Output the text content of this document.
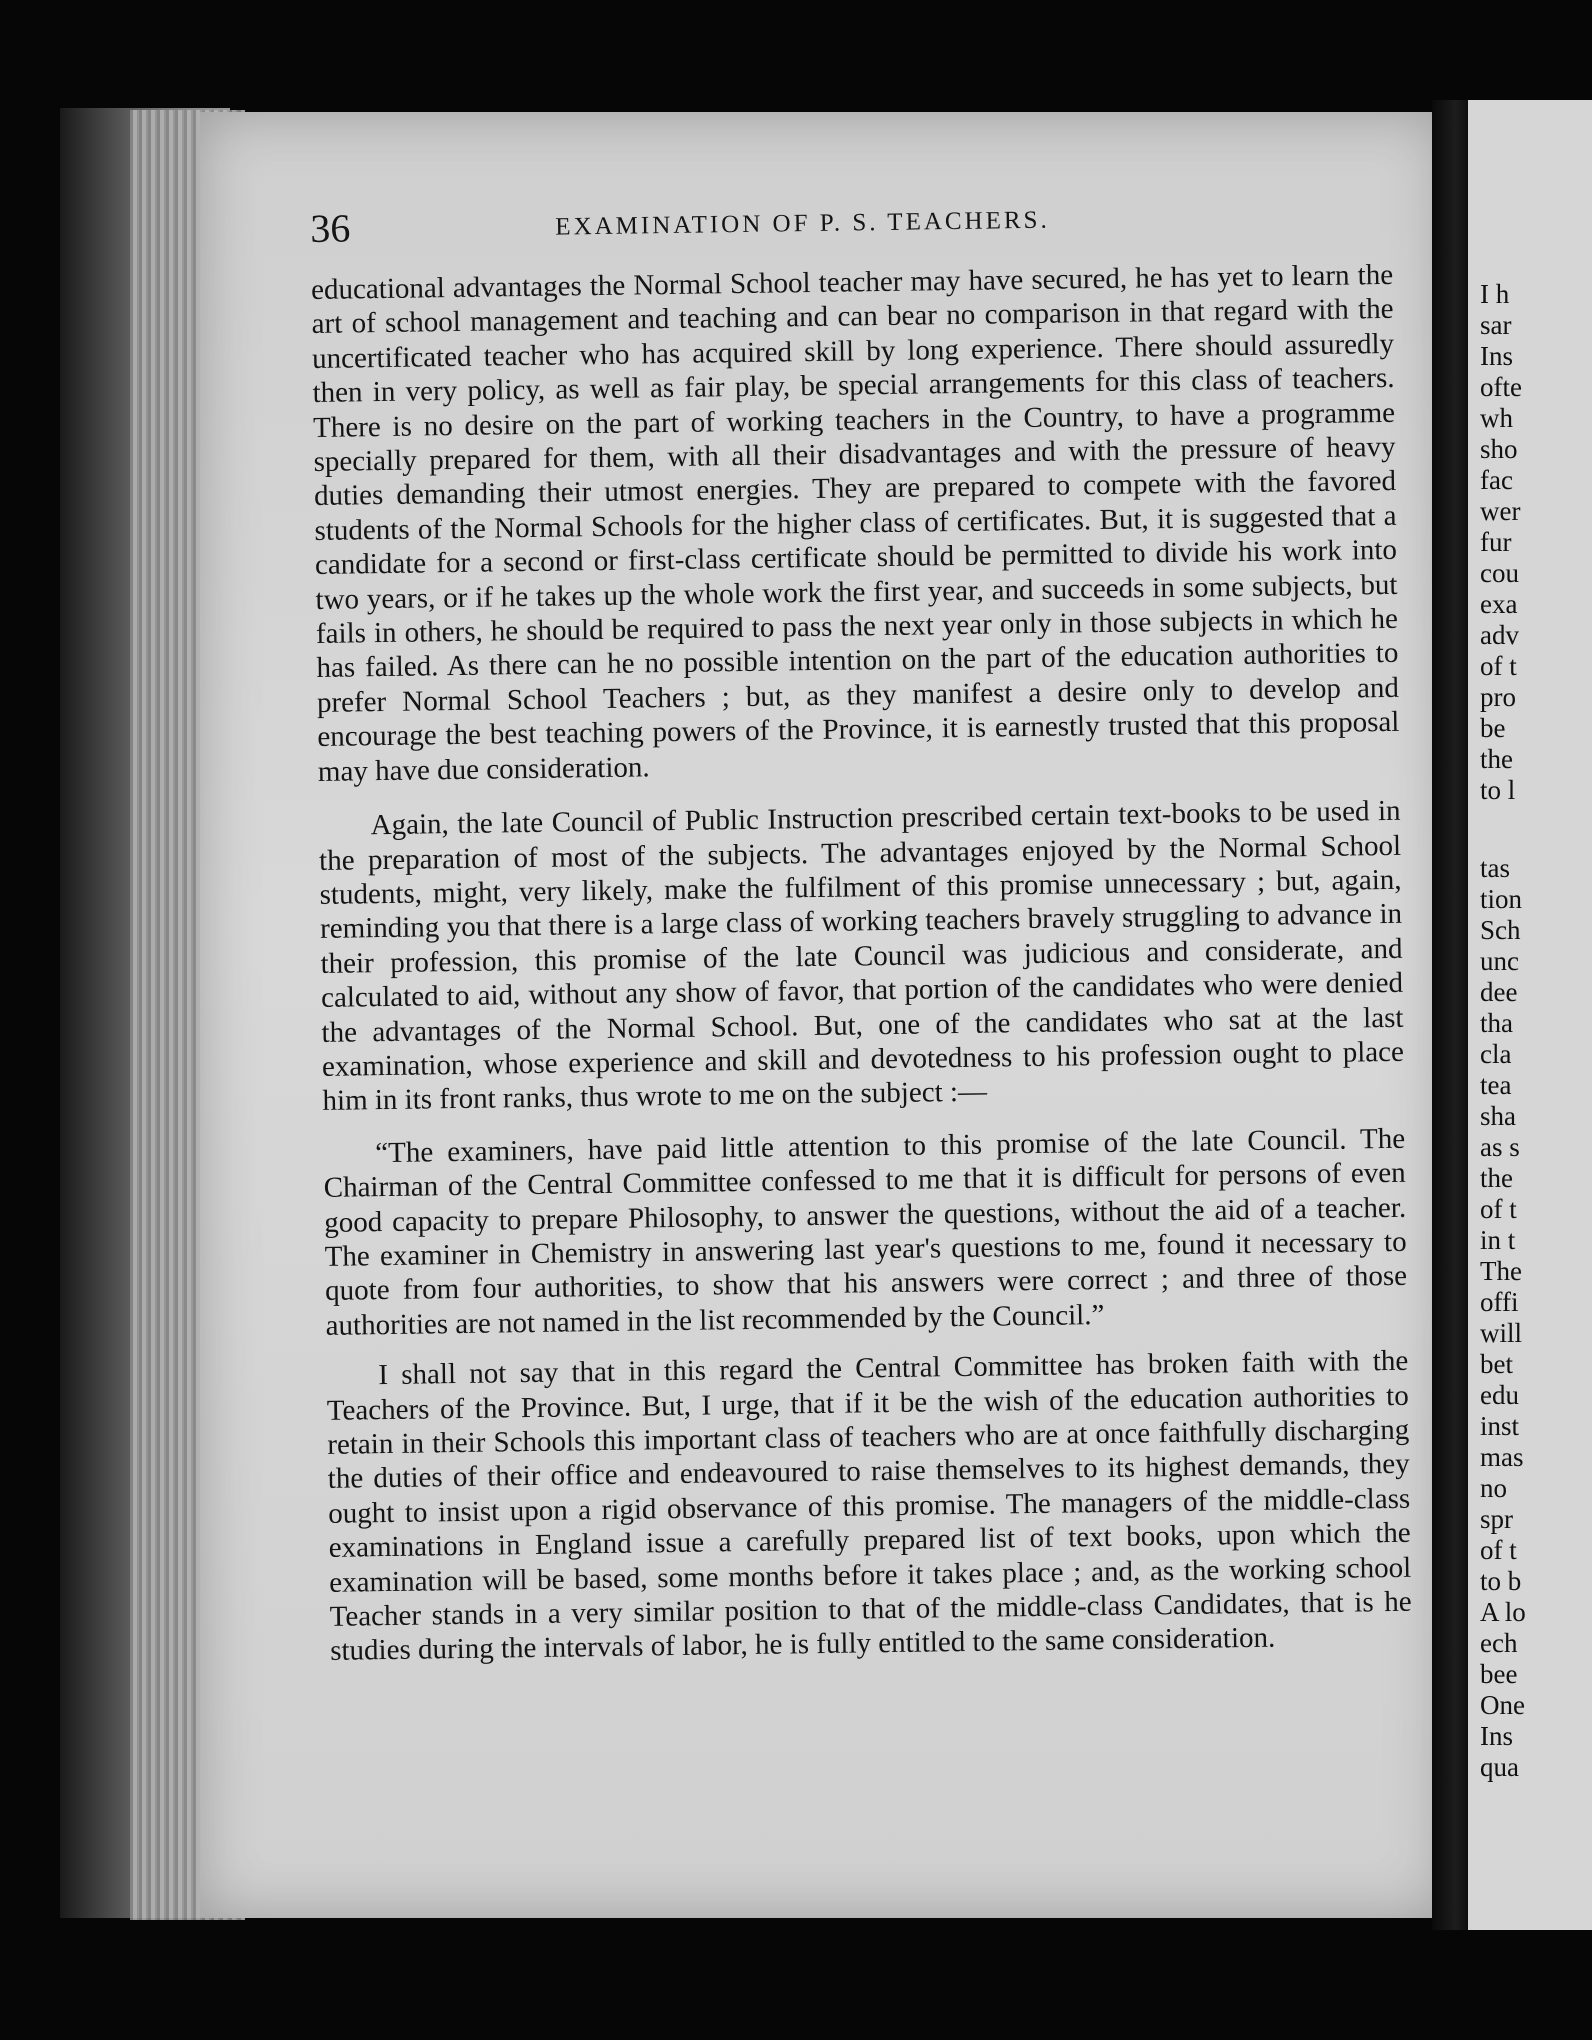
36	EXAMINATION OF P. S. TEACHERS.

educational advantages the Normal School teacher may have secured, he has yet to learn the art of school management and teaching and can bear no comparison in that regard with the uncertificated teacher who has acquired skill by long experience. There should assuredly then in very policy, as well as fair play, be special arrangements for this class of teachers. There is no desire on the part of working teachers in the Country, to have a programme specially prepared for them, with all their disadvantages and with the pressure of heavy duties demanding their utmost energies. They are prepared to compete with the favored students of the Normal Schools for the higher class of certificates. But, it is suggested that a candidate for a second or first-class certificate should be permitted to divide his work into two years, or if he takes up the whole work the first year, and succeeds in some subjects, but fails in others, he should be required to pass the next year only in those subjects in which he has failed. As there can he no possible intention on the part of the education authorities to prefer Normal School Teachers ; but, as they manifest a desire only to develop and encourage the best teaching powers of the Province, it is earnestly trusted that this proposal may have due consideration.

Again, the late Council of Public Instruction prescribed certain text-books to be used in the preparation of most of the subjects. The advantages enjoyed by the Normal School students, might, very likely, make the fulfilment of this promise unnecessary ; but, again, reminding you that there is a large class of working teachers bravely struggling to advance in their profession, this promise of the late Council was judicious and considerate, and calculated to aid, without any show of favor, that portion of the candidates who were denied the advantages of the Normal School. But, one of the candidates who sat at the last examination, whose experience and skill and devotedness to his profession ought to place him in its front ranks, thus wrote to me on the subject :—

“The examiners, have paid little attention to this promise of the late Council. The Chairman of the Central Committee confessed to me that it is difficult for persons of even good capacity to prepare Philosophy, to answer the questions, without the aid of a teacher. The examiner in Chemistry in answering last year's questions to me, found it necessary to quote from four authorities, to show that his answers were correct ; and three of those authorities are not named in the list recommended by the Council.”

I shall not say that in this regard the Central Committee has broken faith with the Teachers of the Province. But, I urge, that if it be the wish of the education authorities to retain in their Schools this important class of teachers who are at once faithfully discharging the duties of their office and endeavoured to raise themselves to its highest demands, they ought to insist upon a rigid observance of this promise. The managers of the middle-class examinations in England issue a carefully prepared list of text books, upon which the examination will be based, some months before it takes place ; and, as the working school Teacher stands in a very similar position to that of the middle-class Candidates, that is he studies during the intervals of labor, he is fully entitled to the same consideration.

I h
sar
Ins
ofte
wh
sho
fac
wer
fur
cou
exa
adv
of t
pro
be
the
to l
tas
tion
Sch
unc
dee
tha
cla
tea
sha
as s
the
of t
in t
The
offi
will
bet
edu
inst
mas
no
spr
of t
to b
A lo
ech
bee
One
Ins
qua
